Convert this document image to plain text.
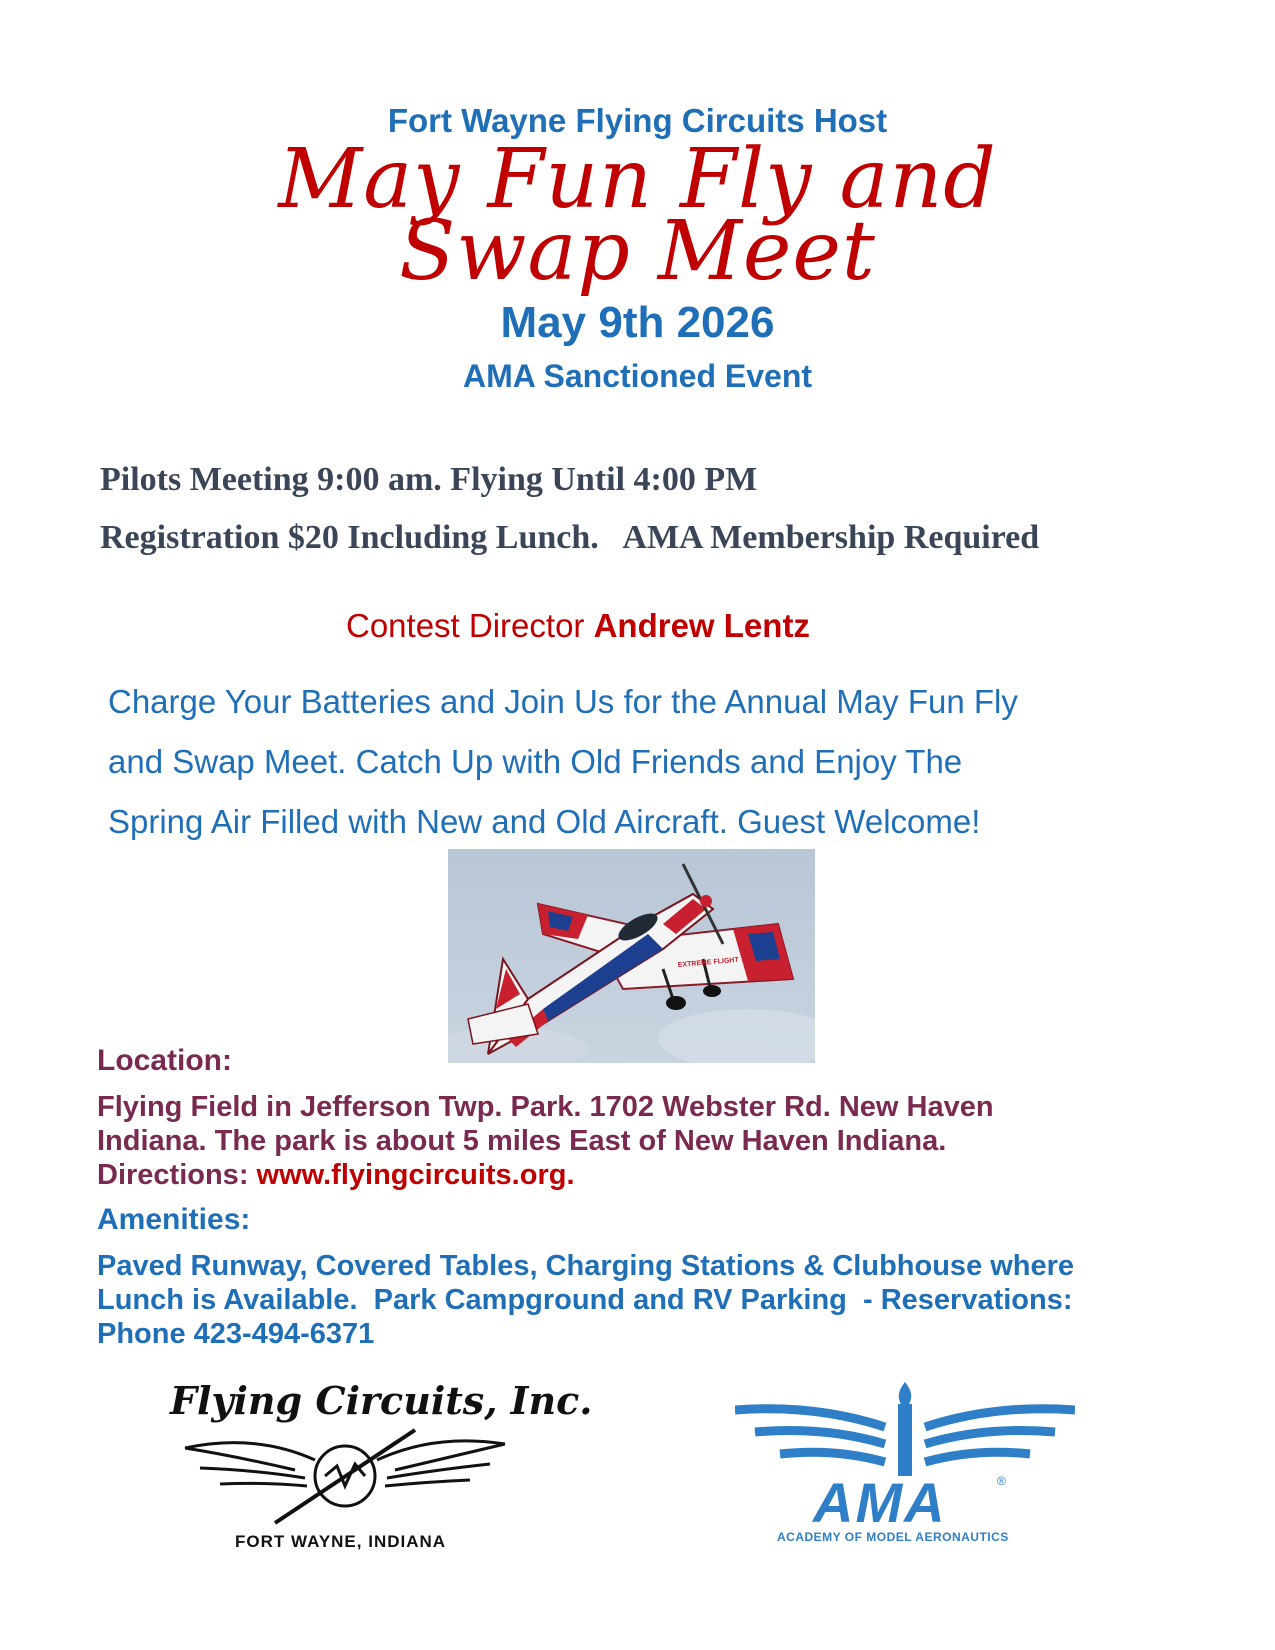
Fort Wayne Flying Circuits Host
May Fun Fly and
Swap Meet
May 9th 2026
AMA Sanctioned Event
Pilots Meeting 9:00 am. Flying Until 4:00 PM
Registration $20 Including Lunch.   AMA Membership Required
Contest Director Andrew Lentz
Charge Your Batteries and Join Us for the Annual May Fun Fly
and Swap Meet. Catch Up with Old Friends and Enjoy The
Spring Air Filled with New and Old Aircraft. Guest Welcome!
EXTREME FLIGHT
Location:
Flying Field in Jefferson Twp. Park. 1702 Webster Rd. New Haven
Indiana. The park is about 5 miles East of New Haven Indiana.
Directions: www.flyingcircuits.org.
Amenities:
Paved Runway, Covered Tables, Charging Stations & Clubhouse where
Lunch is Available.  Park Campground and RV Parking  - Reservations:
Phone 423-494-6371
Flying Circuits, Inc.
FORT WAYNE, INDIANA
AMA	®
ACADEMY OF MODEL AERONAUTICS
